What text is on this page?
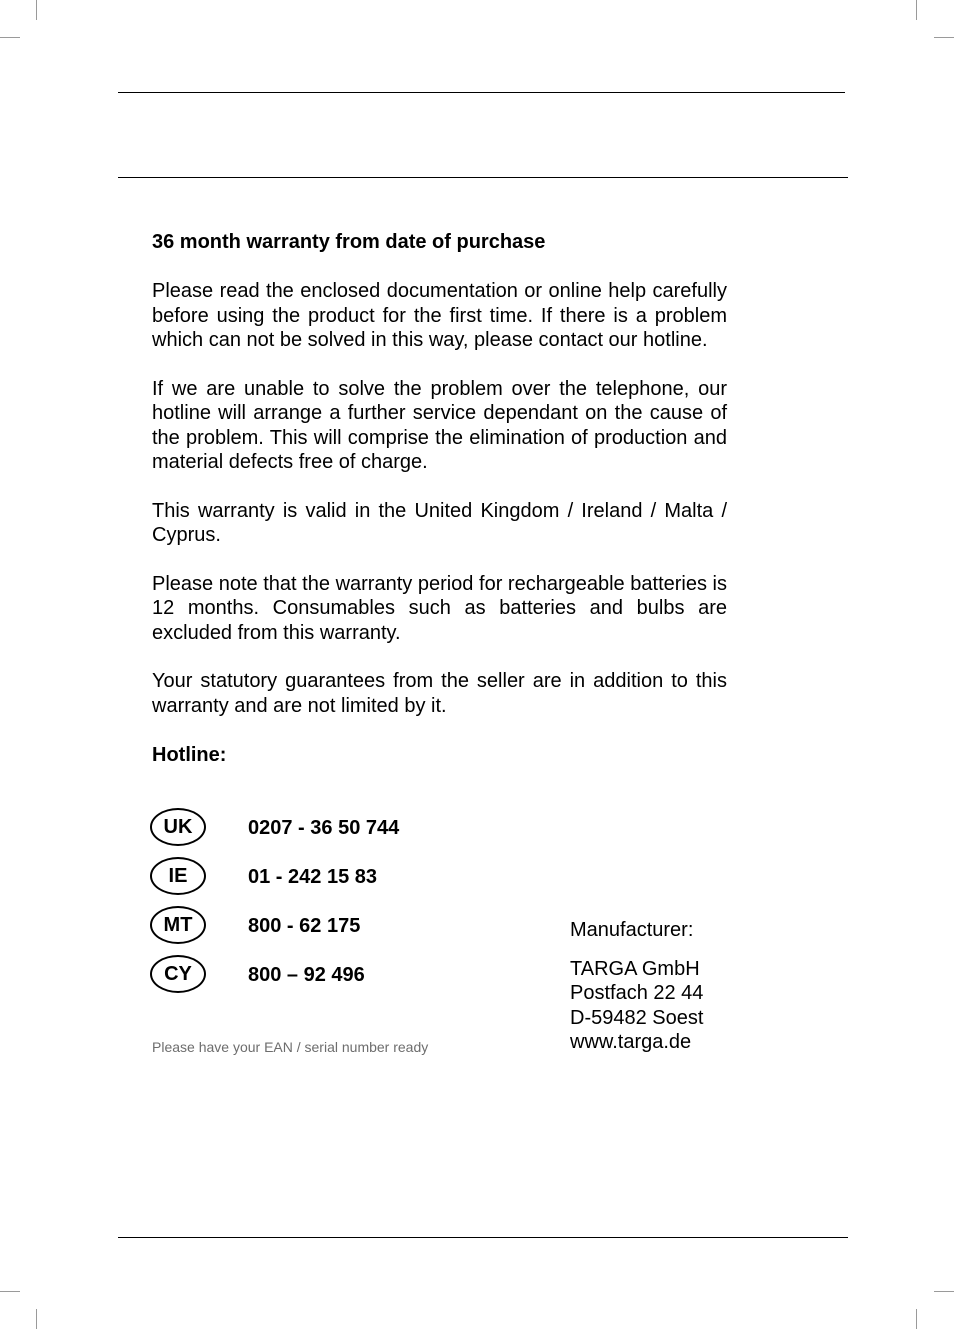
36 month warranty from date of purchase

Please read the enclosed documentation or online help carefully before using the product for the first time. If there is a problem which can not be solved in this way, please contact our hotline.

If we are unable to solve the problem over the telephone, our hotline will arrange a further service dependant on the cause of the problem. This will comprise the elimination of production and material defects free of charge.

This warranty is valid in the United Kingdom / Ireland / Malta / Cyprus.

Please note that the warranty period for rechargeable batteries is 12 months. Consumables such as batteries and bulbs are excluded from this warranty.

Your statutory guarantees from the seller are in addition to this warranty and are not limited by it.

Hotline:
UK	0207 - 36 50 744
IE	01 - 242 15 83
MT	800 - 62 175
CY	800 – 92 496
Please have your EAN / serial number ready
Manufacturer:
TARGA GmbH
Postfach 22 44
D-59482 Soest
www.targa.de
